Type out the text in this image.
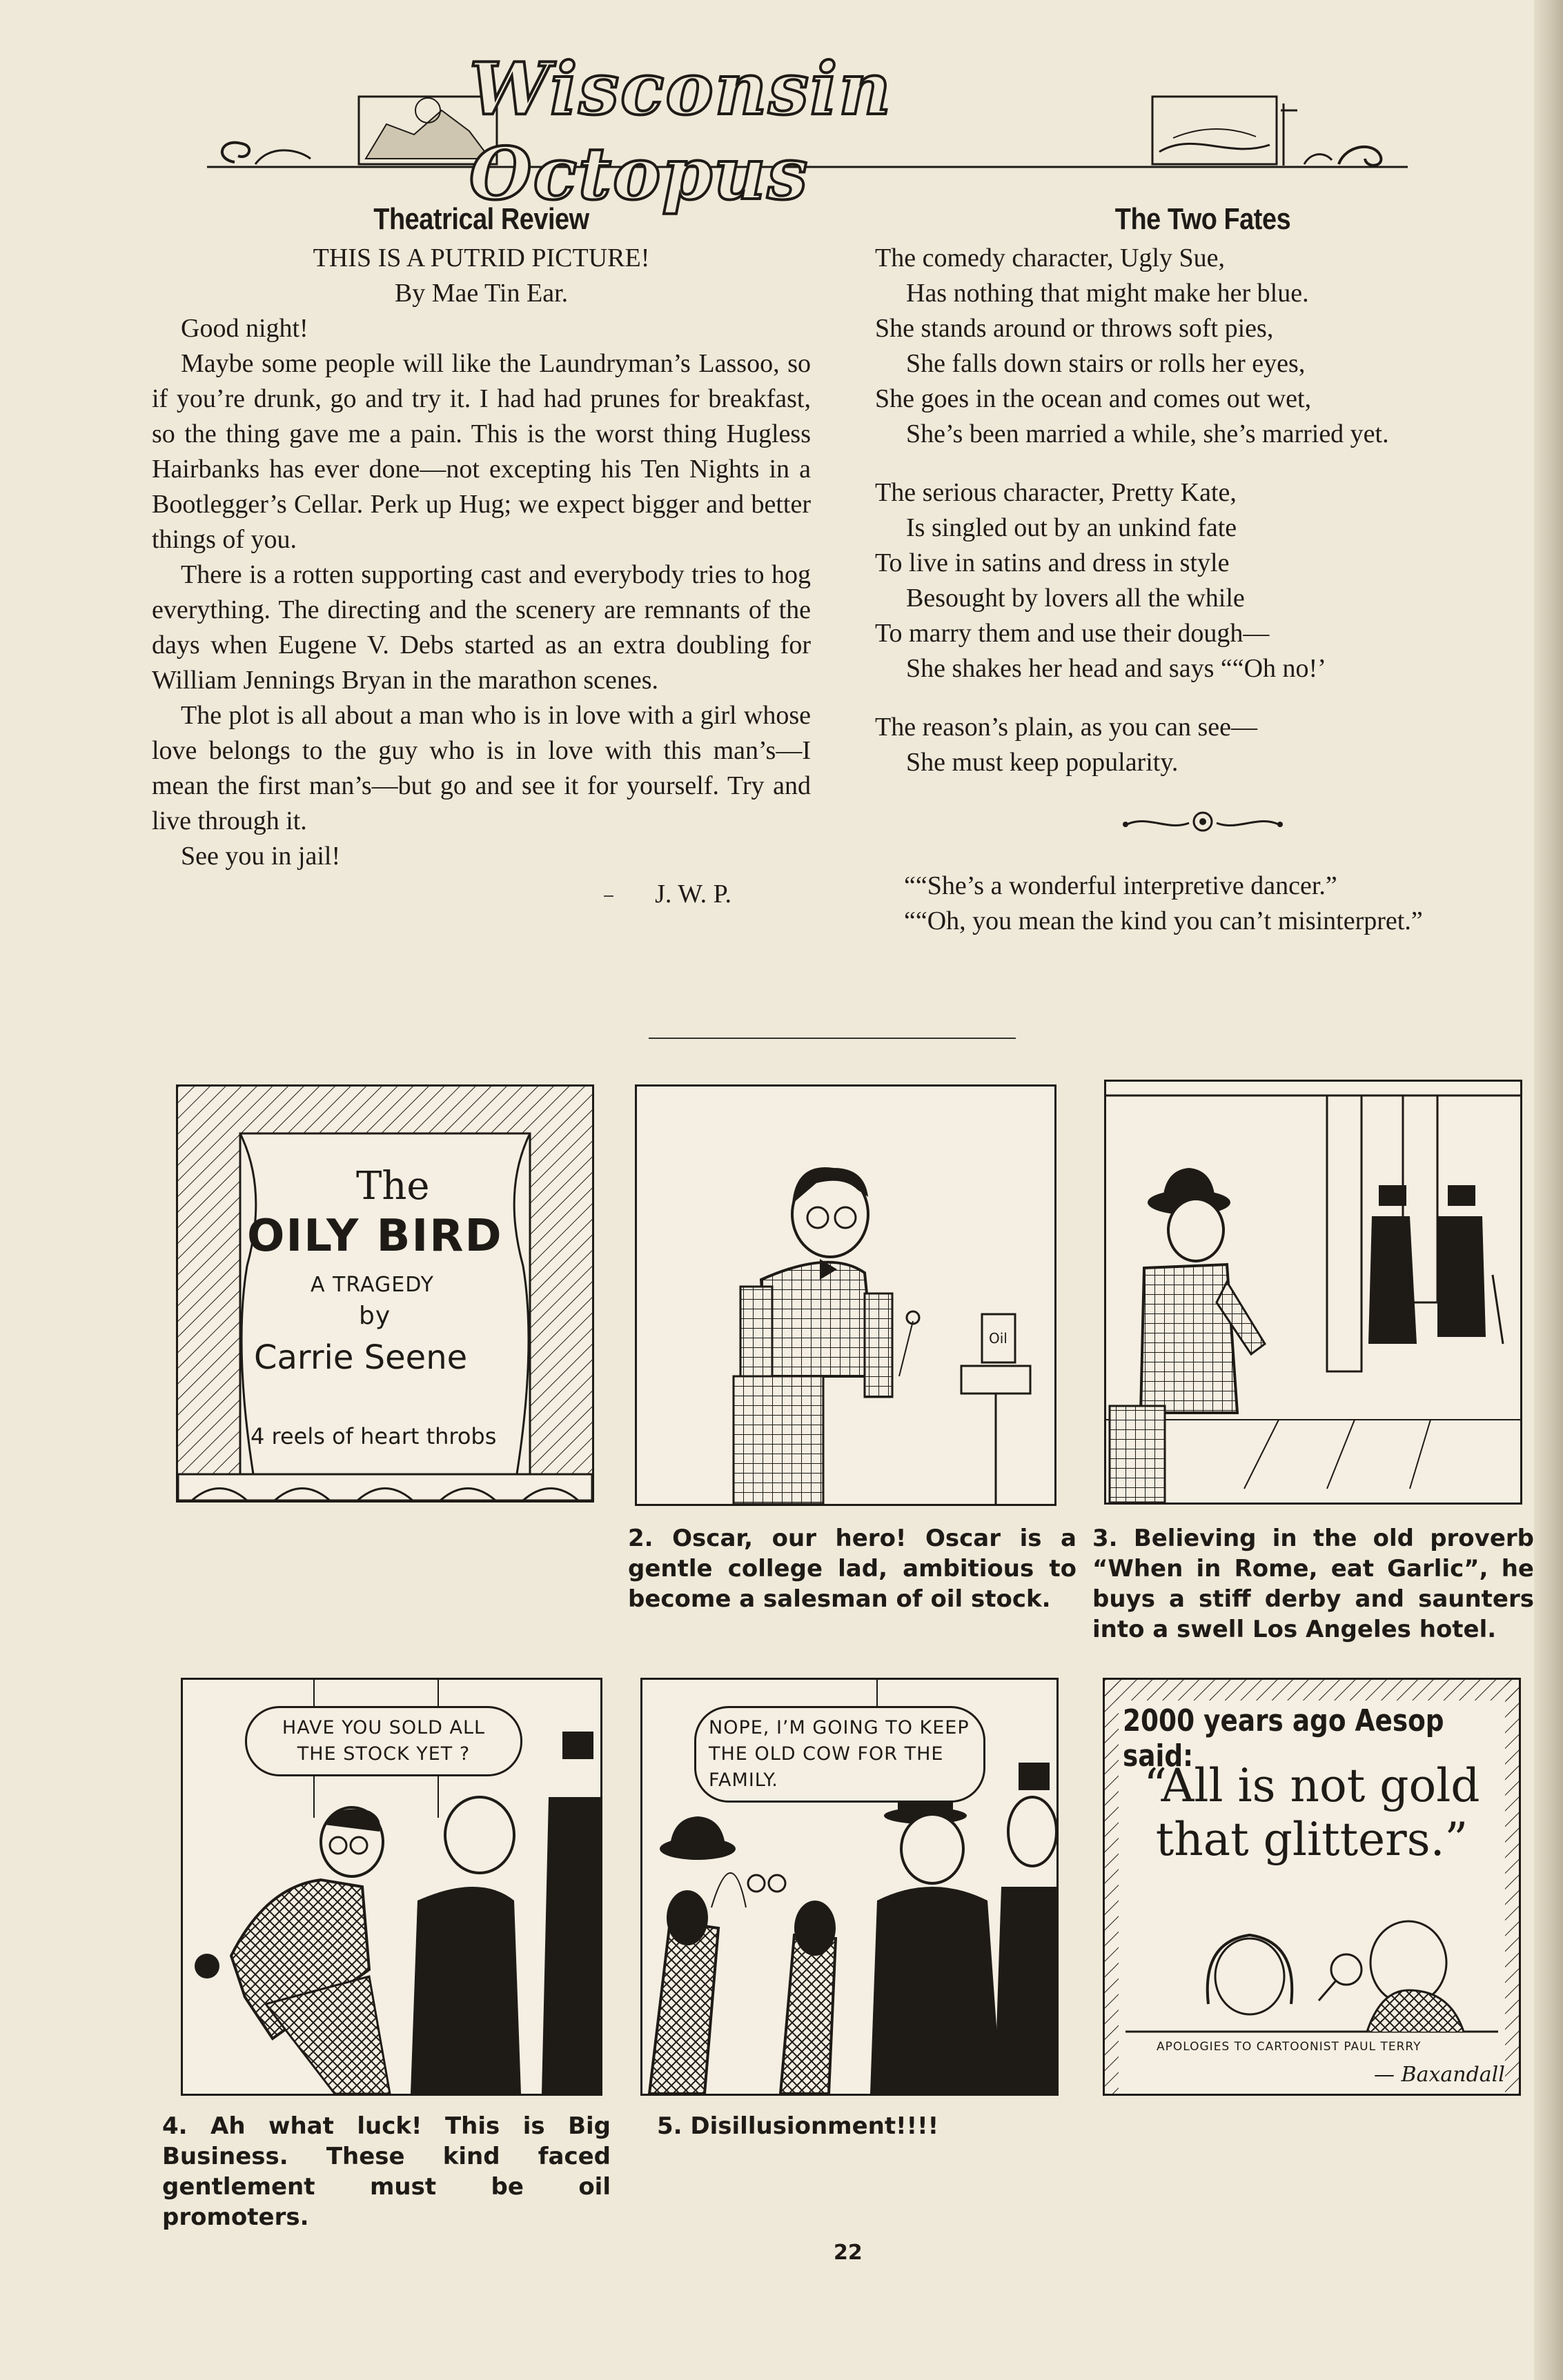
Wisconsin Octopus
Theatrical Review
THIS IS A PUTRID PICTURE!
By Mae Tin Ear.

Good night!

Maybe some people will like the Laundryman’s Lassoo, so if you’re drunk, go and try it. I had had prunes for breakfast, so the thing gave me a pain. This is the worst thing Hugless Hairbanks has ever done—not excepting his Ten Nights in a Bootlegger’s Cellar. Perk up Hug; we expect bigger and better things of you.

There is a rotten supporting cast and everybody tries to hog everything. The directing and the scenery are remnants of the days when Eugene V. Debs started as an extra doubling for William Jennings Bryan in the marathon scenes.

The plot is all about a man who is in love with a girl whose love belongs to the guy who is in love with this man’s—I mean the first man’s—but go and see it for yourself. Try and live through it.

See you in jail!

J. W. P.
The Two Fates

The comedy character, Ugly Sue,

Has nothing that might make her blue.

She stands around or throws soft pies,

She falls down stairs or rolls her eyes,

She goes in the ocean and comes out wet,

She’s been married a while, she’s married yet.

The serious character, Pretty Kate,

Is singled out by an unkind fate

To live in satins and dress in style

Besought by lovers all the while

To marry them and use their dough—

She shakes her head and says ““Oh no!’

The reason’s plain, as you can see—

She must keep popularity.

““She’s a wonderful interpretive dancer.”

““Oh, you mean the kind you can’t misinterpret.”

The
OILY BIRD
A TRAGEDY
by
Carrie Seene
4 reels of heart throbs
Oil
2. Oscar, our hero! Oscar is a gentle college lad, ambitious to become a salesman of oil stock.
3. Believing in the old proverb “When in Rome, eat Garlic”, he buys a stiff derby and saunters into a swell Los Angeles hotel.
HAVE YOU SOLD ALL THE STOCK YET ?
NOPE, I’M GOING TO KEEP THE OLD COW FOR THE FAMILY.
2000 years ago Aesop said:
“All is not gold that glitters.”
APOLOGIES TO CARTOONIST PAUL TERRY
— Baxandall
4. Ah what luck! This is Big Business. These kind faced gentlement must be oil promoters.
5. Disillusionment!!!!
22
